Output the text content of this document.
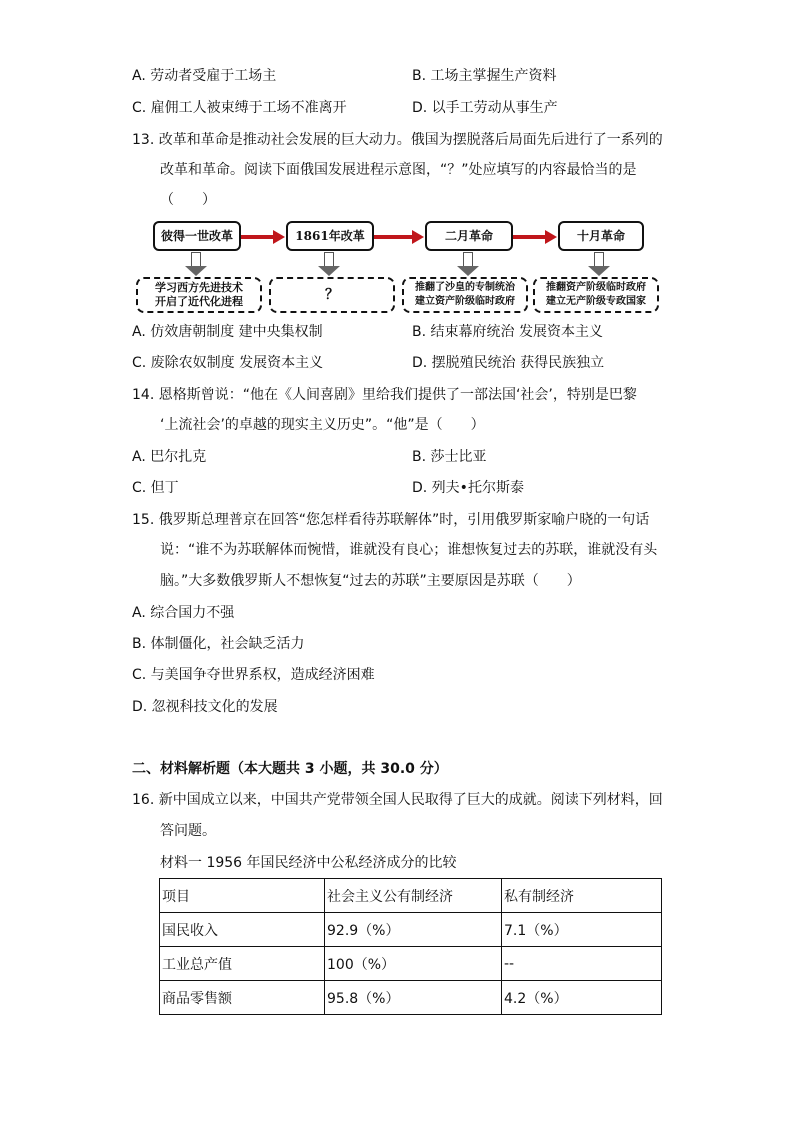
A. 劳动者受雇于工场主	B. 工场主掌握生产资料
C. 雇佣工人被束缚于工场不准离开	D. 以手工劳动从事生产
13. 改革和革命是推动社会发展的巨大动力。俄国为摆脱落后局面先后进行了一系列的
改革和革命。阅读下面俄国发展进程示意图，“？”处应填写的内容最恰当的是
（　　）
彼得一世改革	1861年改革	二月革命	十月革命
学习西方先进技术
开启了近代化进程	？	推翻了沙皇的专制统治
建立资产阶级临时政府
推翻资产阶级临时政府
建立无产阶级专政国家
A. 仿效唐朝制度 建中央集权制	B. 结束幕府统治 发展资本主义
C. 废除农奴制度 发展资本主义	D. 摆脱殖民统治 获得民族独立
14. 恩格斯曾说：“他在《人间喜剧》里给我们提供了一部法国‘社会’，特别是巴黎
‘上流社会’的卓越的现实主义历史”。“他”是（　　）
A. 巴尔扎克	B. 莎士比亚
C. 但丁	D. 列夫•托尔斯泰
15. 俄罗斯总理普京在回答“您怎样看待苏联解体”时，引用俄罗斯家喻户晓的一句话
说：“谁不为苏联解体而惋惜，谁就没有良心；谁想恢复过去的苏联，谁就没有头
脑。”大多数俄罗斯人不想恢复“过去的苏联”主要原因是苏联（　　）
A. 综合国力不强
B. 体制僵化，社会缺乏活力
C. 与美国争夺世界系权，造成经济困难
D. 忽视科技文化的发展
二、材料解析题（本大题共 3 小题，共 30.0 分）
16. 新中国成立以来，中国共产党带领全国人民取得了巨大的成就。阅读下列材料，回
答问题。
材料一 1956 年国民经济中公私经济成分的比较
项目	社会主义公有制经济	私有制经济
国民收入	92.9（%）	7.1（%）
工业总产值	100（%）	--
商品零售额	95.8（%）	4.2（%）
